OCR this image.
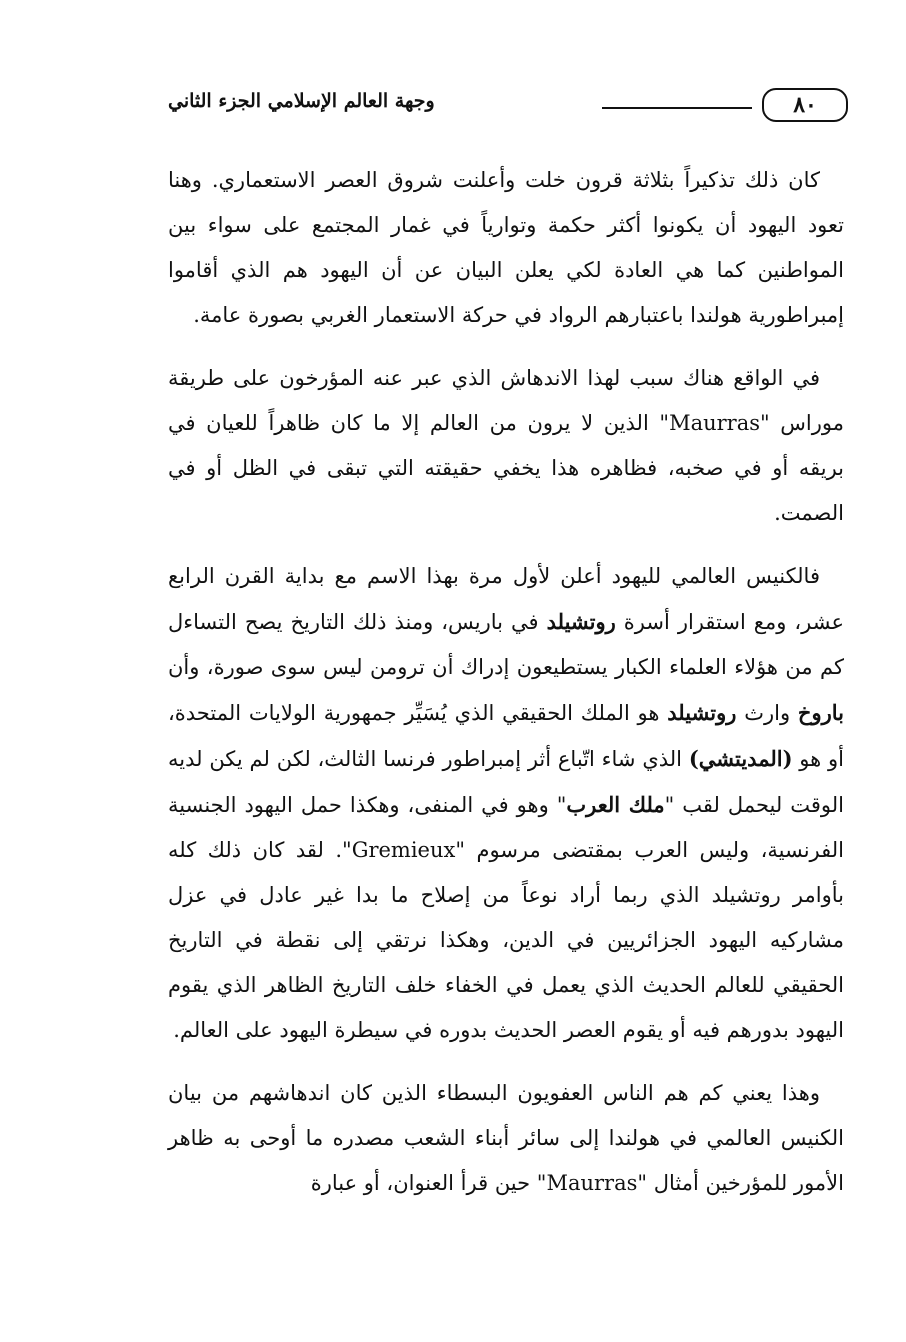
٨٠
وجهة العالم الإسلامي الجزء الثاني

كان ذلك تذكيراً بثلاثة قرون خلت وأعلنت شروق العصر الاستعماري. وهنا تعود اليهود أن يكونوا أكثر حكمة وتوارياً في غمار المجتمع على سواء بين المواطنين كما هي العادة لكي يعلن البيان عن أن اليهود هم الذي أقاموا إمبراطورية هولندا باعتبارهم الرواد في حركة الاستعمار الغربي بصورة عامة.

في الواقع هناك سبب لهذا الاندهاش الذي عبر عنه المؤرخون على طريقة موراس "Maurras" الذين لا يرون من العالم إلا ما كان ظاهراً للعيان في بريقه أو في صخبه، فظاهره هذا يخفي حقيقته التي تبقى في الظل أو في الصمت.

فالكنيس العالمي لليهود أعلن لأول مرة بهذا الاسم مع بداية القرن الرابع عشر، ومع استقرار أسرة روتشيلد في باريس، ومنذ ذلك التاريخ يصح التساءل كم من هؤلاء العلماء الكبار يستطيعون إدراك أن ترومن ليس سوى صورة، وأن باروخ وارث روتشيلد هو الملك الحقيقي الذي يُسَيِّر جمهورية الولايات المتحدة، أو هو (المديتشي) الذي شاء اتّباع أثر إمبراطور فرنسا الثالث، لكن لم يكن لديه الوقت ليحمل لقب "ملك العرب" وهو في المنفى، وهكذا حمل اليهود الجنسية الفرنسية، وليس العرب بمقتضى مرسوم "Gremieux". لقد كان ذلك كله بأوامر روتشيلد الذي ربما أراد نوعاً من إصلاح ما بدا غير عادل في عزل مشاركيه اليهود الجزائريين في الدين، وهكذا نرتقي إلى نقطة في التاريخ الحقيقي للعالم الحديث الذي يعمل في الخفاء خلف التاريخ الظاهر الذي يقوم اليهود بدورهم فيه أو يقوم العصر الحديث بدوره في سيطرة اليهود على العالم.

وهذا يعني كم هم الناس العفويون البسطاء الذين كان اندهاشهم من بيان الكنيس العالمي في هولندا إلى سائر أبناء الشعب مصدره ما أوحى به ظاهر الأمور للمؤرخين أمثال "Maurras" حين قرأ العنوان، أو عبارة
